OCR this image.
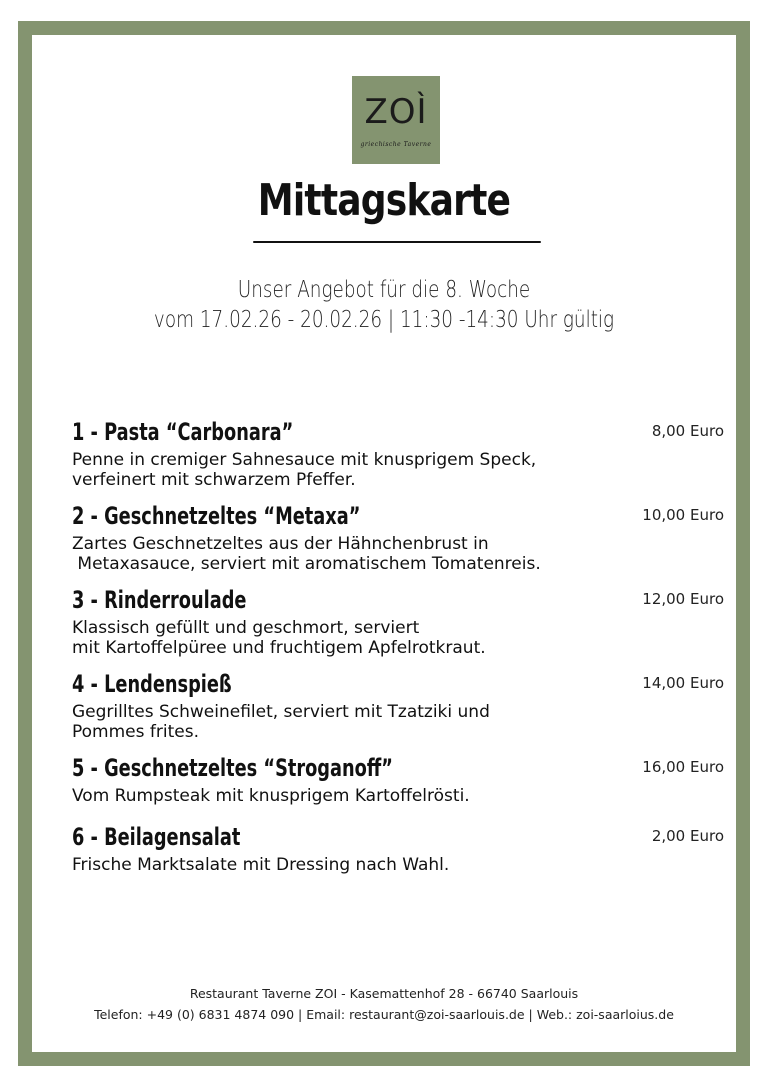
ZOÌ
griechische Taverne
Mittagskarte
Unser Angebot für die 8. Woche
vom 17.02.26 - 20.02.26 | 11:30 -14:30 Uhr gültig
1 - Pasta “Carbonara”	8,00 Euro
Penne in cremiger Sahnesauce mit knusprigem Speck,
verfeinert mit schwarzem Pfeffer.
2 - Geschnetzeltes “Metaxa”	10,00 Euro
Zartes Geschnetzeltes aus der Hähnchenbrust in
Metaxasauce, serviert mit aromatischem Tomatenreis.
3 - Rinderroulade	12,00 Euro
Klassisch gefüllt und geschmort, serviert
mit Kartoffelpüree und fruchtigem Apfelrotkraut.
4 - Lendenspieß	14,00 Euro
Gegrilltes Schweinefilet, serviert mit Tzatziki und
Pommes frites.
5 - Geschnetzeltes “Stroganoff”	16,00 Euro
Vom Rumpsteak mit knusprigem Kartoffelrösti.
6 - Beilagensalat	2,00 Euro
Frische Marktsalate mit Dressing nach Wahl.
Restaurant Taverne ZOI - Kasemattenhof 28 - 66740 Saarlouis
Telefon: +49 (0) 6831 4874 090 | Email: restaurant@zoi-saarlouis.de | Web.: zoi-saarloius.de
